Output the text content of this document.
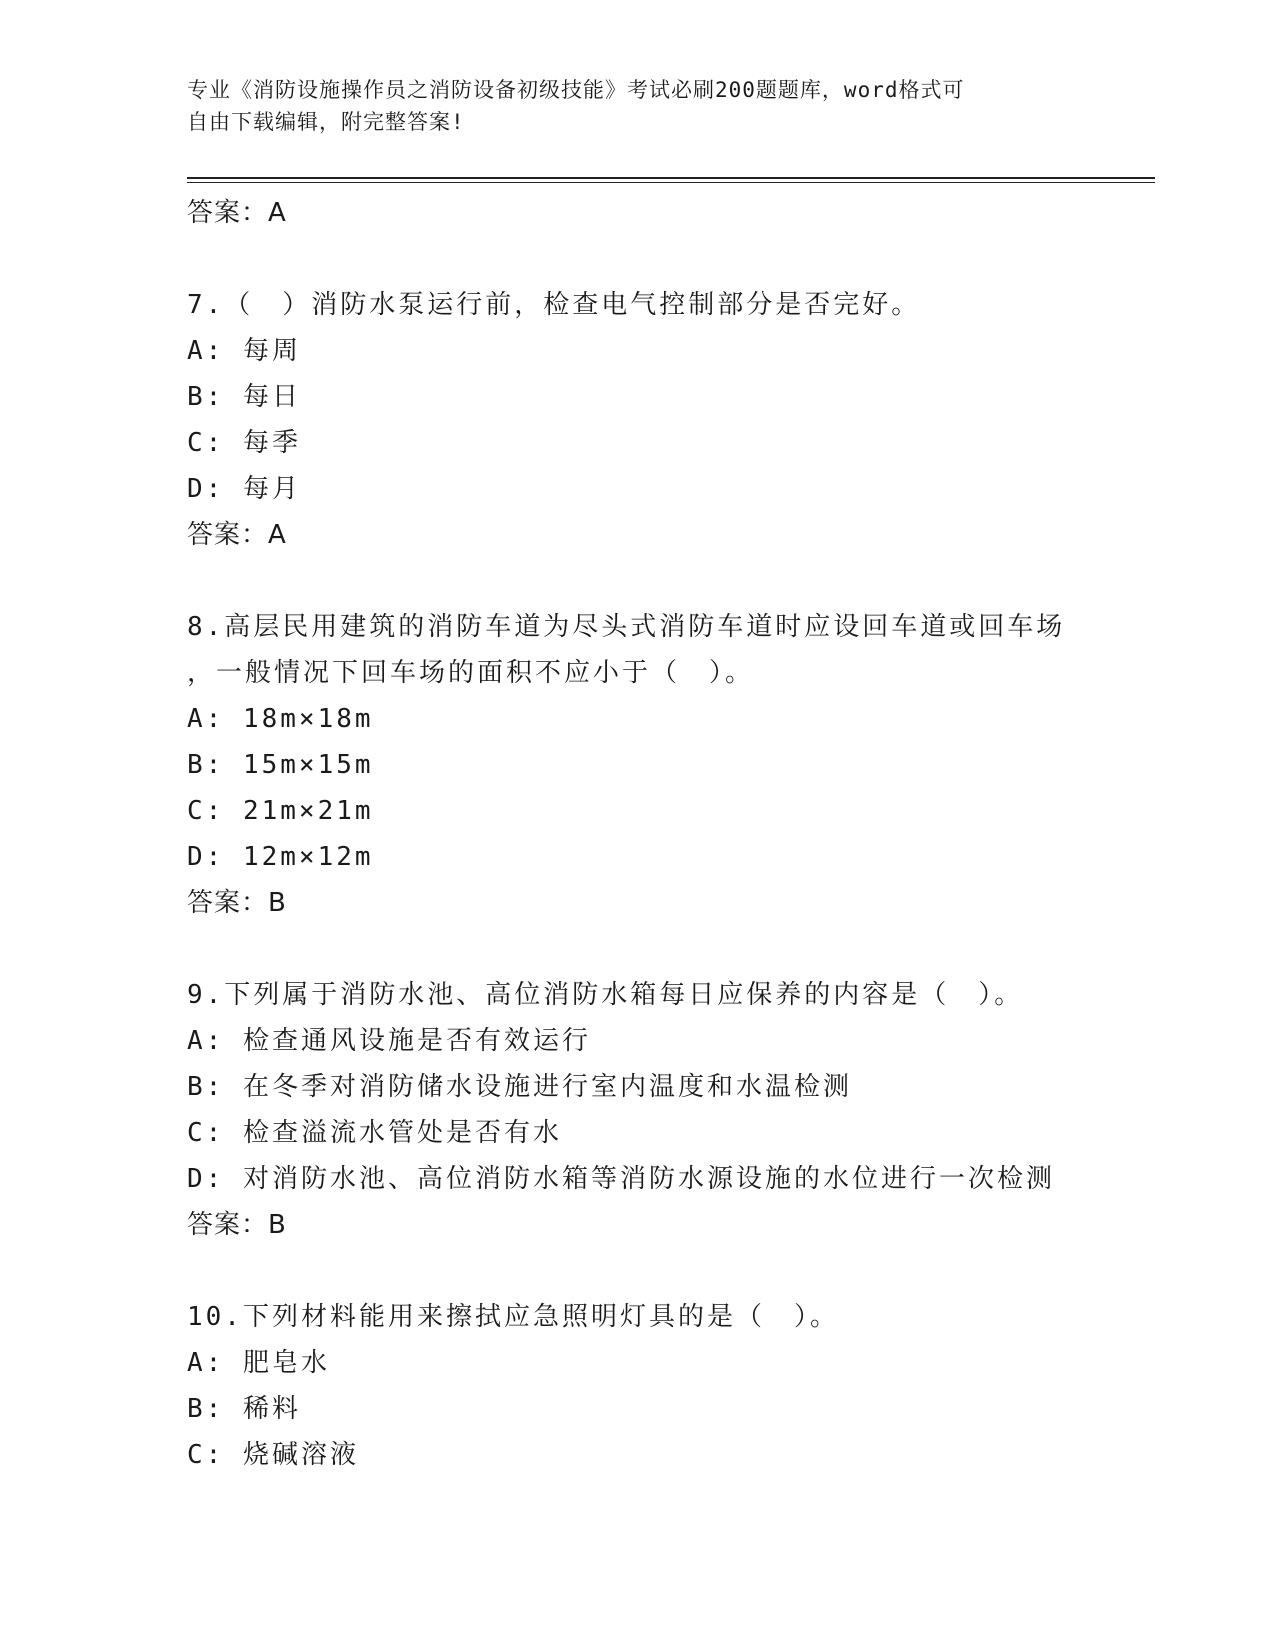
专业《消防设施操作员之消防设备初级技能》考试必刷200题题库，word格式可
自由下载编辑，附完整答案!
答案：A
7.（　）消防水泵运行前，检查电气控制部分是否完好。
A: 每周
B: 每日
C: 每季
D: 每月
答案：A
8.高层民用建筑的消防车道为尽头式消防车道时应设回车道或回车场
，一般情况下回车场的面积不应小于（　）。
A: 18m×18m
B: 15m×15m
C: 21m×21m
D: 12m×12m
答案：B
9.下列属于消防水池、高位消防水箱每日应保养的内容是（　）。
A: 检查通风设施是否有效运行
B: 在冬季对消防储水设施进行室内温度和水温检测
C: 检查溢流水管处是否有水
D: 对消防水池、高位消防水箱等消防水源设施的水位进行一次检测
答案：B
10.下列材料能用来擦拭应急照明灯具的是（　）。
A: 肥皂水
B: 稀料
C: 烧碱溶液
